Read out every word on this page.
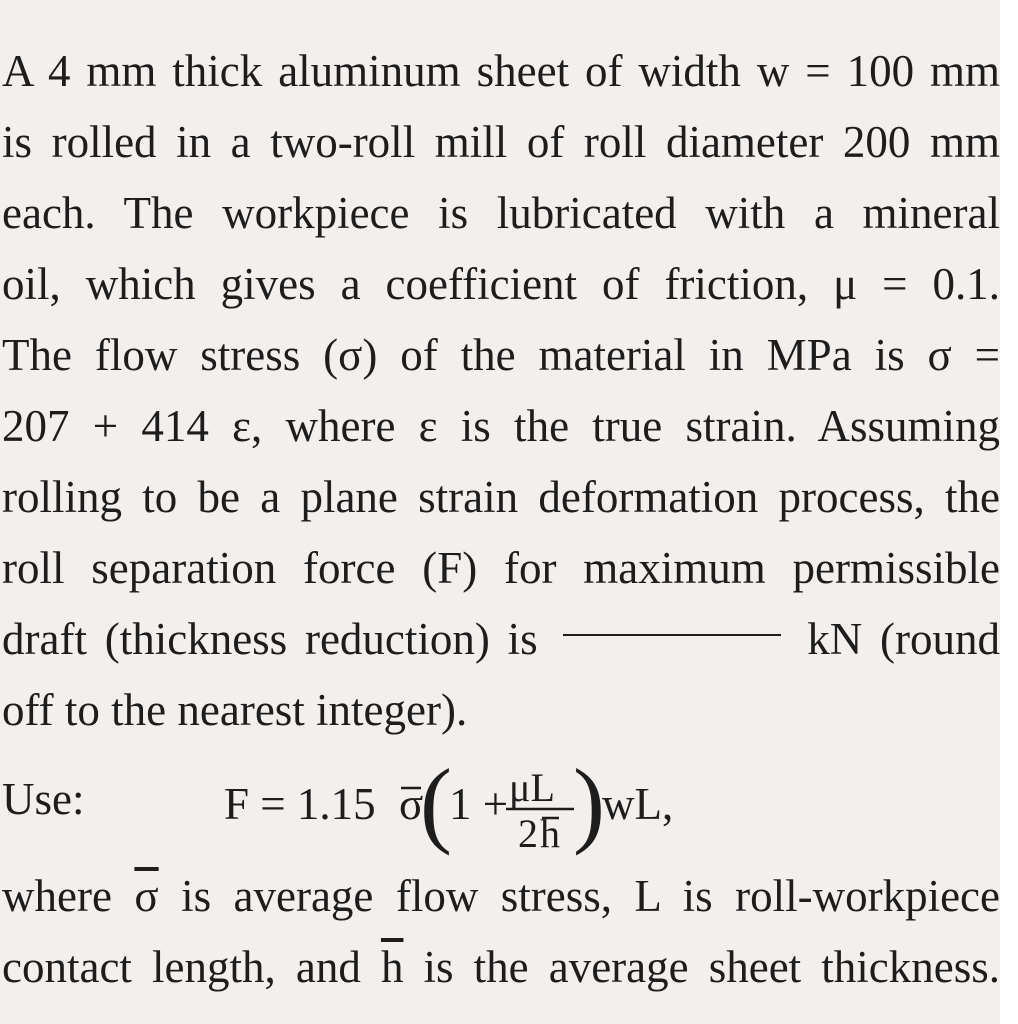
A 4 mm thick aluminum sheet of width w = 100 mm
is rolled in a two-roll mill of roll diameter 200 mm
each. The workpiece is lubricated with a mineral
oil, which gives a coefficient of friction, μ = 0.1.
The flow stress (σ) of the material in MPa is σ =
207 + 414 ε, where ε is the true strain. Assuming
rolling to be a plane strain deformation process, the
roll separation force (F) for maximum permissible
draft (thickness reduction) is	kN (round
off to the nearest integer).
Use:	F = 1.15 σ
(
1 + μL
2 h )
wL,
where $\overline{\sigma}$ is average flow stress, L is roll-workpiece
contact length, and $\overline{h}$ is the average sheet thickness.
